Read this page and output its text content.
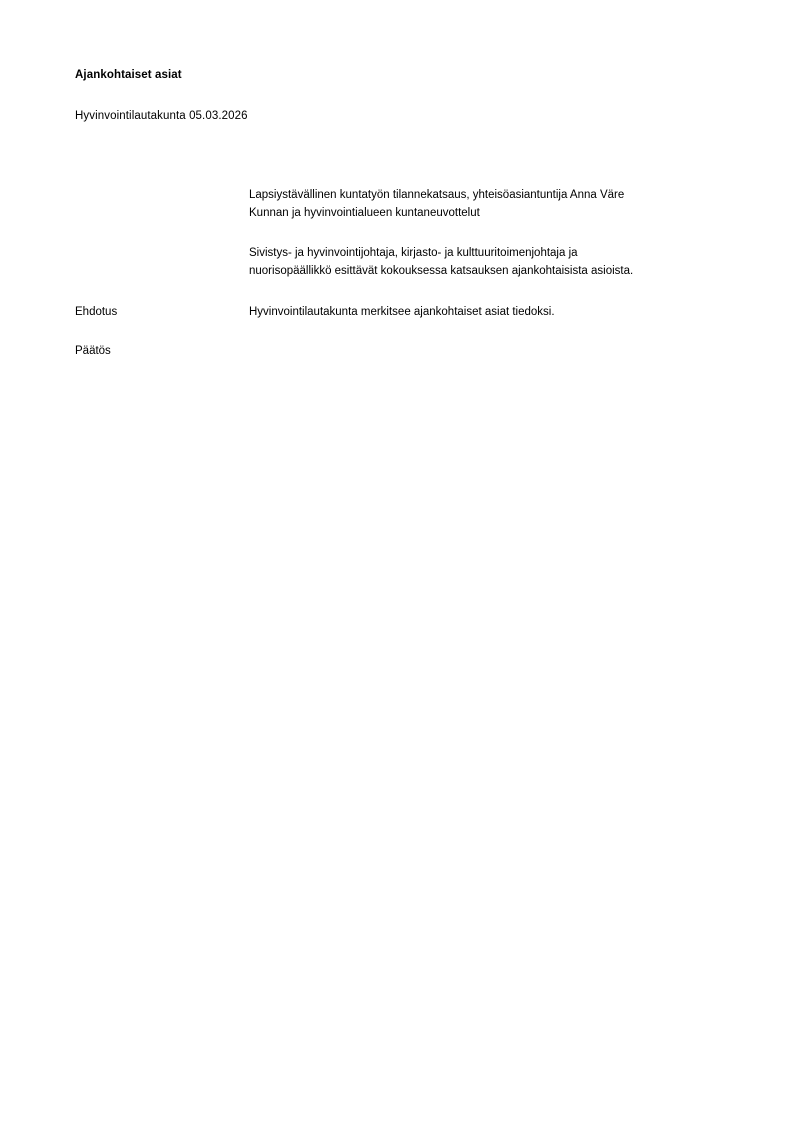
Ajankohtaiset asiat
Hyvinvointilautakunta 05.03.2026

Lapsiystävällinen kuntatyön tilannekatsaus, yhteisöasiantuntija Anna Väre

Kunnan ja hyvinvointialueen kuntaneuvottelut

Sivistys- ja hyvinvointijohtaja, kirjasto- ja kulttuuritoimenjohtaja ja

nuorisopäällikkö esittävät kokouksessa katsauksen ajankohtaisista asioista.

Ehdotus	Hyvinvointilautakunta merkitsee ajankohtaiset asiat tiedoksi.

Päätös
